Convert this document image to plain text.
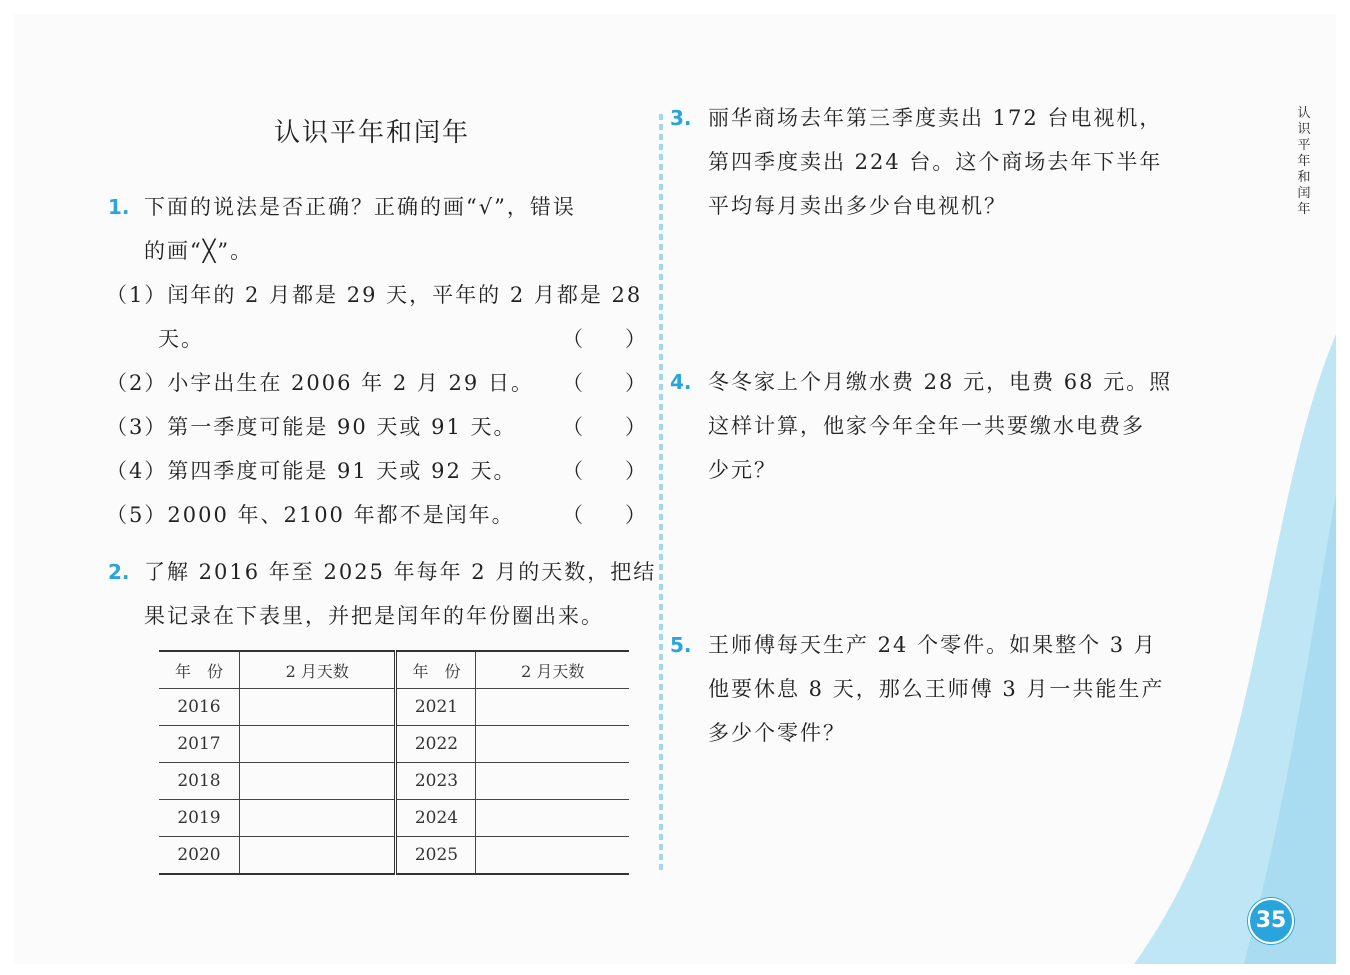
认识平年和闰年
1. 下面的说法是否正确？正确的画“√”，错误
的画“╳”。
（1）闰年的 2 月都是 29 天，平年的 2 月都是 28
天。	（　　）
（2）小宇出生在 2006 年 2 月 29 日。 （　　）
（3）第一季度可能是 90 天或 91 天。 （　　）
（4）第四季度可能是 91 天或 92 天。 （　　）
（5）2000 年、2100 年都不是闰年。 （　　）
2. 了解 2016 年至 2025 年每年 2 月的天数，把结
果记录在下表里，并把是闰年的年份圈出来。
年　份	2 月天数	年　份	2 月天数
2016		2021	
2017		2022	
2018		2023	
2019		2024	
2020		2025	
3. 丽华商场去年第三季度卖出 172 台电视机，
第四季度卖出 224 台。这个商场去年下半年
平均每月卖出多少台电视机？
4. 冬冬家上个月缴水费 28 元，电费 68 元。照
这样计算，他家今年全年一共要缴水电费多
少元？
5. 王师傅每天生产 24 个零件。如果整个 3 月
他要休息 8 天，那么王师傅 3 月一共能生产
多少个零件？
认识平年和闰年
35
